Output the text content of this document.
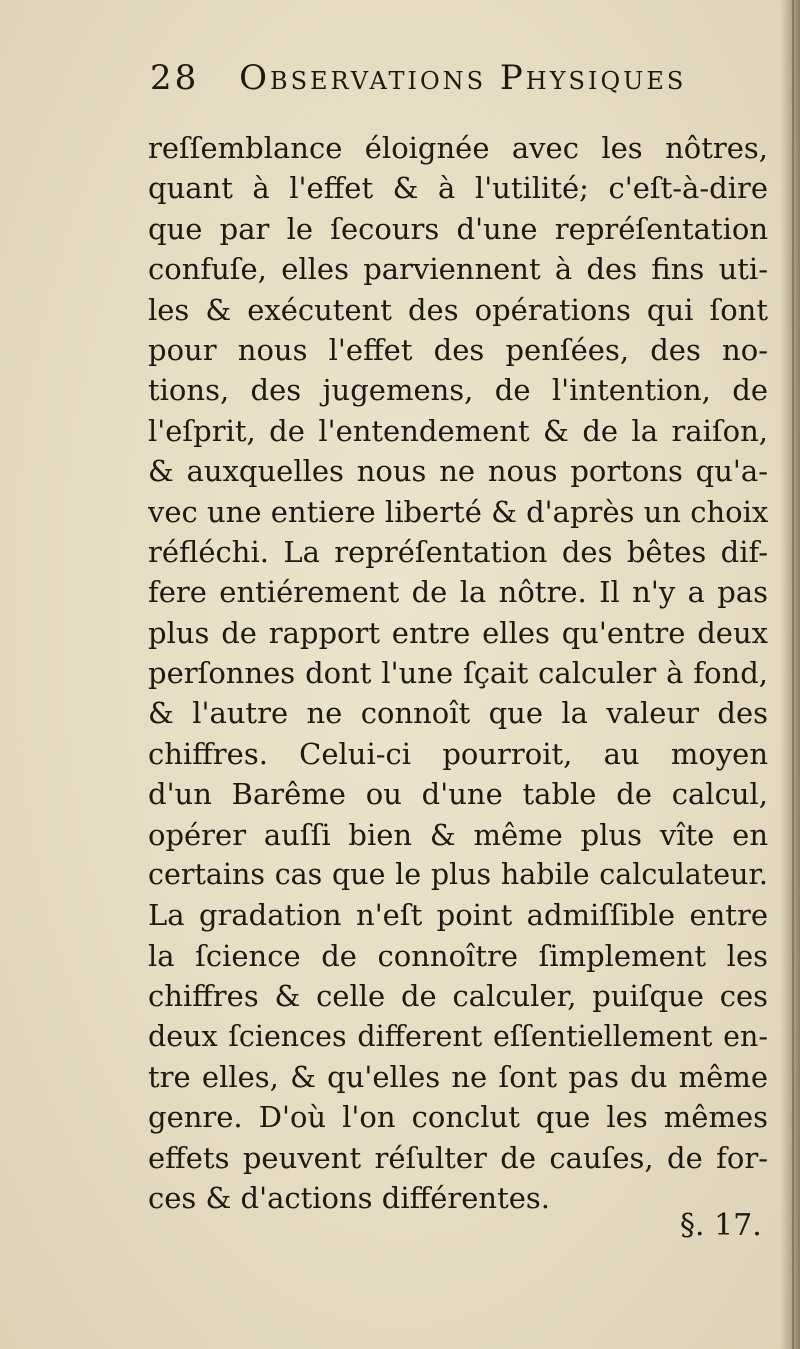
28 Observations Physiques
reſſemblance éloignée avec les nôtres,
quant à l'effet & à l'utilité; c'eſt-à-dire
que par le ſecours d'une repréſentation
confuſe, elles parviennent à des fins uti-
les & exécutent des opérations qui ſont
pour nous l'effet des penſées, des no-
tions, des jugemens, de l'intention, de
l'eſprit, de l'entendement & de la raiſon,
& auxquelles nous ne nous portons qu'a-
vec une entiere liberté & d'après un choix
réfléchi. La repréſentation des bêtes dif-
fere entiérement de la nôtre. Il n'y a pas
plus de rapport entre elles qu'entre deux
perſonnes dont l'une ſçait calculer à fond,
& l'autre ne connoît que la valeur des
chiffres. Celui-ci pourroit, au moyen
d'un Barême ou d'une table de calcul,
opérer auſſi bien & même plus vîte en
certains cas que le plus habile calculateur.
La gradation n'eſt point admiſſible entre
la ſcience de connoître ſimplement les
chiffres & celle de calculer, puiſque ces
deux ſciences different eſſentiellement en-
tre elles, & qu'elles ne ſont pas du même
genre. D'où l'on conclut que les mêmes
effets peuvent réſulter de cauſes, de for-
ces & d'actions différentes.
§. 17.
